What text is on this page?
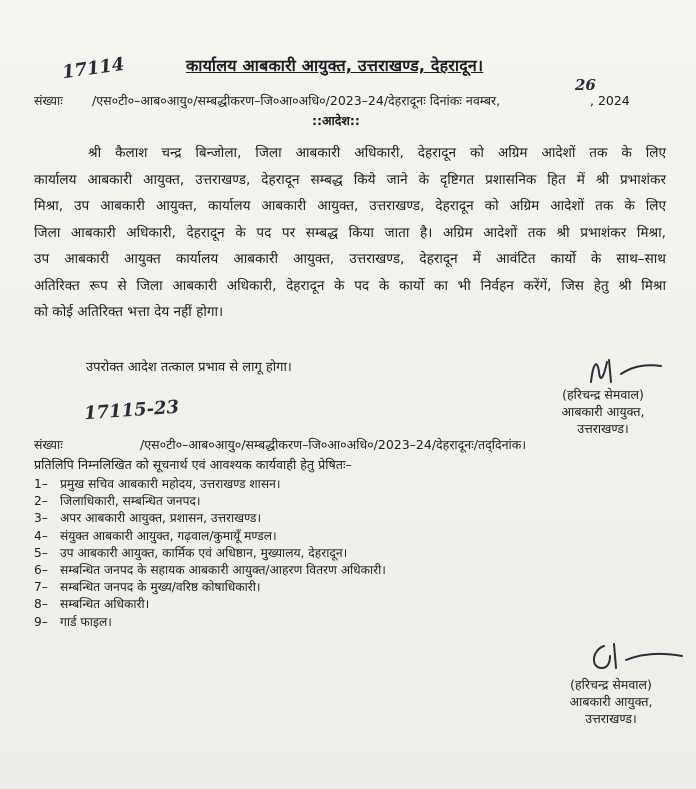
कार्यालय आबकारी आयुक्त, उत्तराखण्ड, देहरादून।
17114
संख्याः /एस०टी०–आब०आयु०/सम्बद्धीकरण–जि०आ०अधि०/2023–24/देहरादूनः दिनांकः नवम्बर,
26
, 2024
::आदेश::
श्री कैलाश चन्द्र बिन्जोला, जिला आबकारी अधिकारी, देहरादून को अग्रिम आदेशों तक के लिए
कार्यालय आबकारी आयुक्त, उत्तराखण्ड, देहरादून सम्बद्ध किये जाने के दृष्टिगत प्रशासनिक हित में श्री प्रभाशंकर
मिश्रा, उप आबकारी आयुक्त, कार्यालय आबकारी आयुक्त, उत्तराखण्ड, देहरादून को अग्रिम आदेशों तक के लिए
जिला आबकारी अधिकारी, देहरादून के पद पर सम्बद्ध किया जाता है। अग्रिम आदेशों तक श्री प्रभाशंकर मिश्रा,
उप आबकारी आयुक्त कार्यालय आबकारी आयुक्त, उत्तराखण्ड, देहरादून में आवंटित कार्यो के साथ–साथ
अतिरिक्त रूप से जिला आबकारी अधिकारी, देहरादून के पद के कार्यो का भी निर्वहन करेंगें, जिस हेतु श्री मिश्रा
को कोई अतिरिक्त भत्ता देय नहीं होगा।
उपरोक्त आदेश तत्काल प्रभाव से लागू होगा।
(हरिचन्द्र सेमवाल)
आबकारी आयुक्त,
उत्तराखण्ड।
17115-23
संख्याः	/एस०टी०–आब०आयु०/सम्बद्धीकरण–जि०आ०अधि०/2023–24/देहरादूनः/तद्‌दिनांक।
प्रतिलिपि निम्नलिखित को सूचनार्थ एवं आवश्यक कार्यवाही हेतु प्रेषितः–
1– प्रमुख सचिव आबकारी महोदय, उत्तराखण्ड शासन।
2– जिलाधिकारी, सम्बन्धित जनपद।
3– अपर आबकारी आयुक्त, प्रशासन, उत्तराखण्ड।
4– संयुक्त आबकारी आयुक्त, गढ़वाल/कुमायूँ मण्डल।
5– उप आबकारी आयुक्त, कार्मिक एवं अधिष्ठान, मुख्यालय, देहरादून।
6– सम्बन्धित जनपद के सहायक आबकारी आयुक्त/आहरण वितरण अधिकारी।
7– सम्बन्धित जनपद के मुख्य/वरिष्ठ कोषाधिकारी।
8– सम्बन्धित अधिकारी।
9– गार्ड फाइल।
(हरिचन्द्र सेमवाल)
आबकारी आयुक्त,
उत्तराखण्ड।
